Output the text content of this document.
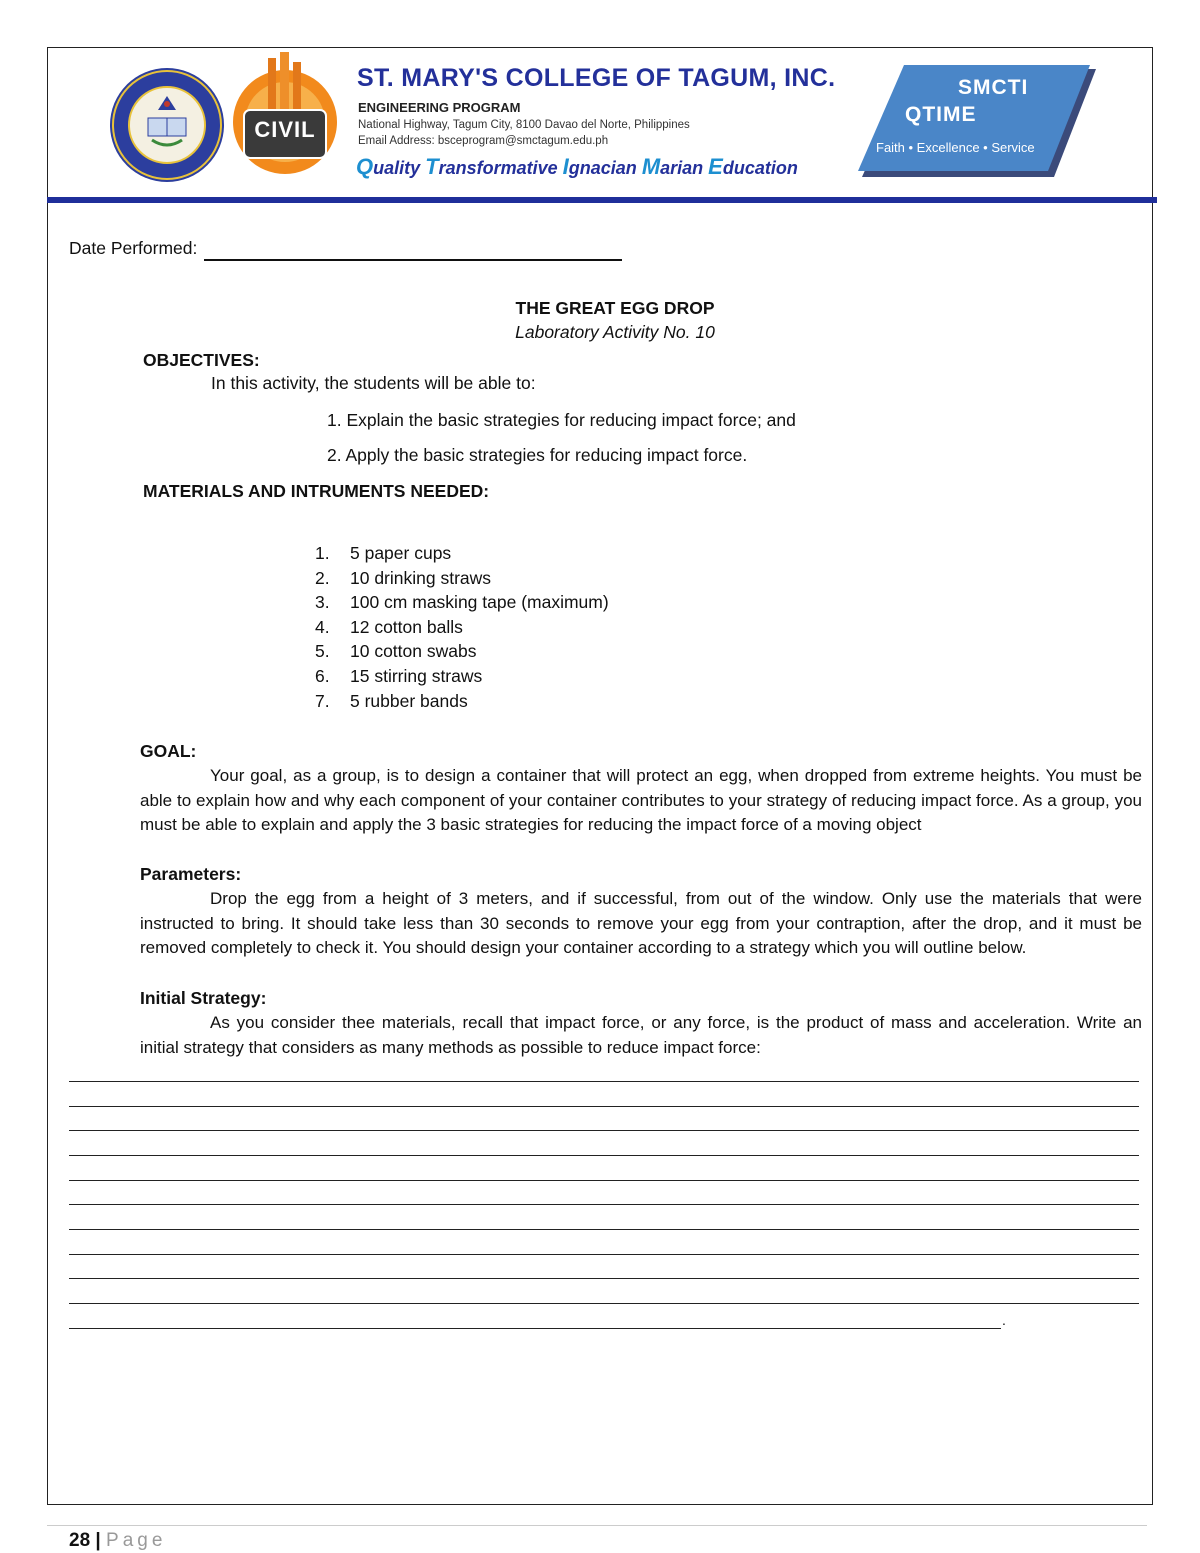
CIVIL
ST. MARY'S COLLEGE OF TAGUM, INC.
ENGINEERING PROGRAM
National Highway, Tagum City, 8100 Davao del Norte, Philippines
Email Address: bsceprogram@smctagum.edu.ph
Quality Transformative Ignacian Marian Education
SMCTI
QTIME
Faith • Excellence • Service
Date Performed:
THE GREAT EGG DROP
Laboratory Activity No. 10
OBJECTIVES:
In this activity, the students will be able to:
1. Explain the basic strategies for reducing impact force; and
2. Apply the basic strategies for reducing impact force.
MATERIALS AND INTRUMENTS NEEDED:
1. 5 paper cups
2. 10 drinking straws
3. 100 cm masking tape (maximum)
4. 12 cotton balls
5. 10 cotton swabs
6. 15 stirring straws
7. 5 rubber bands
GOAL:
Your goal, as a group, is to design a container that will protect an egg, when dropped from extreme heights. You must be able to explain how and why each component of your container contributes to your strategy of reducing impact force. As a group, you must be able to explain and apply the 3 basic strategies for reducing the impact force of a moving object
Parameters:
Drop the egg from a height of 3 meters, and if successful, from out of the window. Only use the materials that were instructed to bring. It should take less than 30 seconds to remove your egg from your contraption, after the drop, and it must be removed completely to check it. You should design your container according to a strategy which you will outline below.
Initial Strategy:
As you consider thee materials, recall that impact force, or any force, is the product of mass and acceleration. Write an initial strategy that considers as many methods as possible to reduce impact force:
.
28 | Page
